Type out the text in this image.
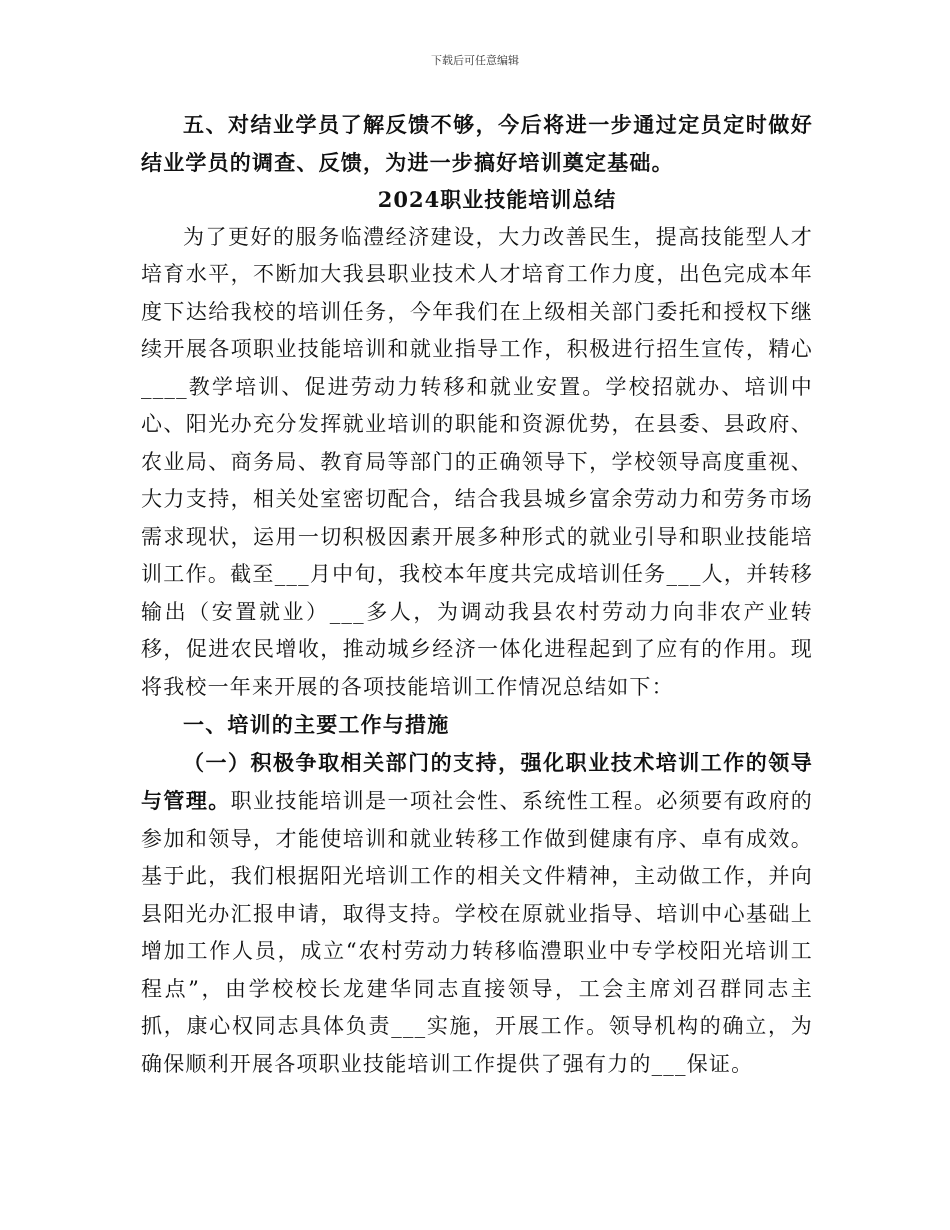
下载后可任意编辑

五、对结业学员了解反馈不够，今后将进一步通过定员定时做好结业学员的调查、反馈，为进一步搞好培训奠定基础。

2024职业技能培训总结

为了更好的服务临澧经济建设，大力改善民生，提高技能型人才培育水平，不断加大我县职业技术人才培育工作力度，出色完成本年度下达给我校的培训任务，今年我们在上级相关部门委托和授权下继续开展各项职业技能培训和就业指导工作，积极进行招生宣传，精心____教学培训、促进劳动力转移和就业安置。学校招就办、培训中心、阳光办充分发挥就业培训的职能和资源优势，在县委、县政府、农业局、商务局、教育局等部门的正确领导下，学校领导高度重视、大力支持，相关处室密切配合，结合我县城乡富余劳动力和劳务市场需求现状，运用一切积极因素开展多种形式的就业引导和职业技能培训工作。截至___月中旬，我校本年度共完成培训任务___人，并转移输出（安置就业）___多人，为调动我县农村劳动力向非农产业转移，促进农民增收，推动城乡经济一体化进程起到了应有的作用。现将我校一年来开展的各项技能培训工作情况总结如下：

一、培训的主要工作与措施

（一）积极争取相关部门的支持，强化职业技术培训工作的领导与管理。职业技能培训是一项社会性、系统性工程。必须要有政府的参加和领导，才能使培训和就业转移工作做到健康有序、卓有成效。基于此，我们根据阳光培训工作的相关文件精神，主动做工作，并向县阳光办汇报申请，取得支持。学校在原就业指导、培训中心基础上增加工作人员，成立“农村劳动力转移临澧职业中专学校阳光培训工程点”，由学校校长龙建华同志直接领导，工会主席刘召群同志主抓，康心权同志具体负责___实施，开展工作。领导机构的确立，为确保顺利开展各项职业技能培训工作提供了强有力的___保证。
